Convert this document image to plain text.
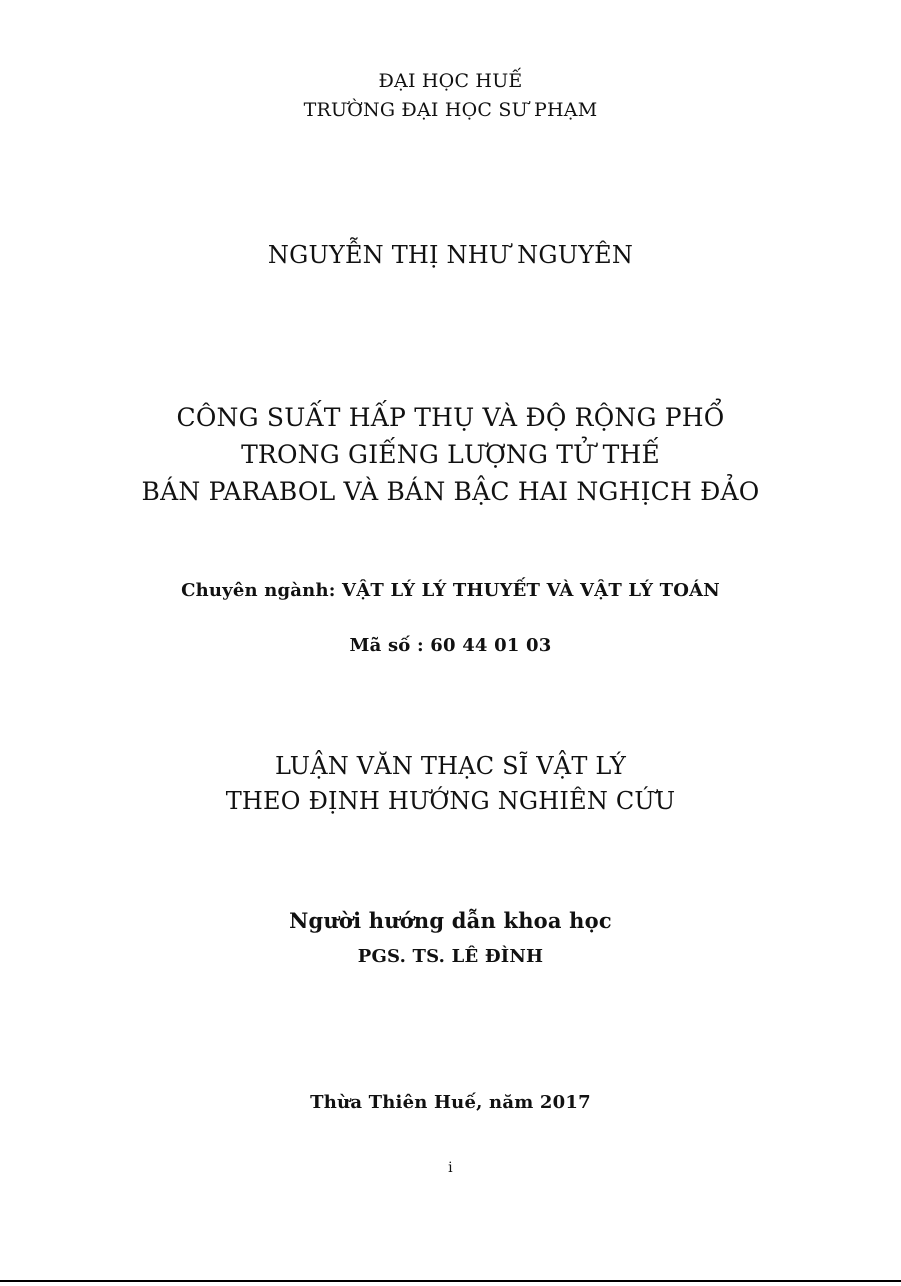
ĐẠI HỌC HUẾ
TRƯỜNG ĐẠI HỌC SƯ PHẠM
NGUYỄN THỊ NHƯ NGUYÊN
CÔNG SUẤT HẤP THỤ VÀ ĐỘ RỘNG PHỔ
TRONG GIẾNG LƯỢNG TỬ THẾ
BÁN PARABOL VÀ BÁN BẬC HAI NGHỊCH ĐẢO
Chuyên ngành: VẬT LÝ LÝ THUYẾT VÀ VẬT LÝ TOÁN
Mã số : 60 44 01 03
LUẬN VĂN THẠC SĨ VẬT LÝ
THEO ĐỊNH HƯỚNG NGHIÊN CỨU
Người hướng dẫn khoa học
PGS. TS. LÊ ĐÌNH
Thừa Thiên Huế, năm 2017
i
